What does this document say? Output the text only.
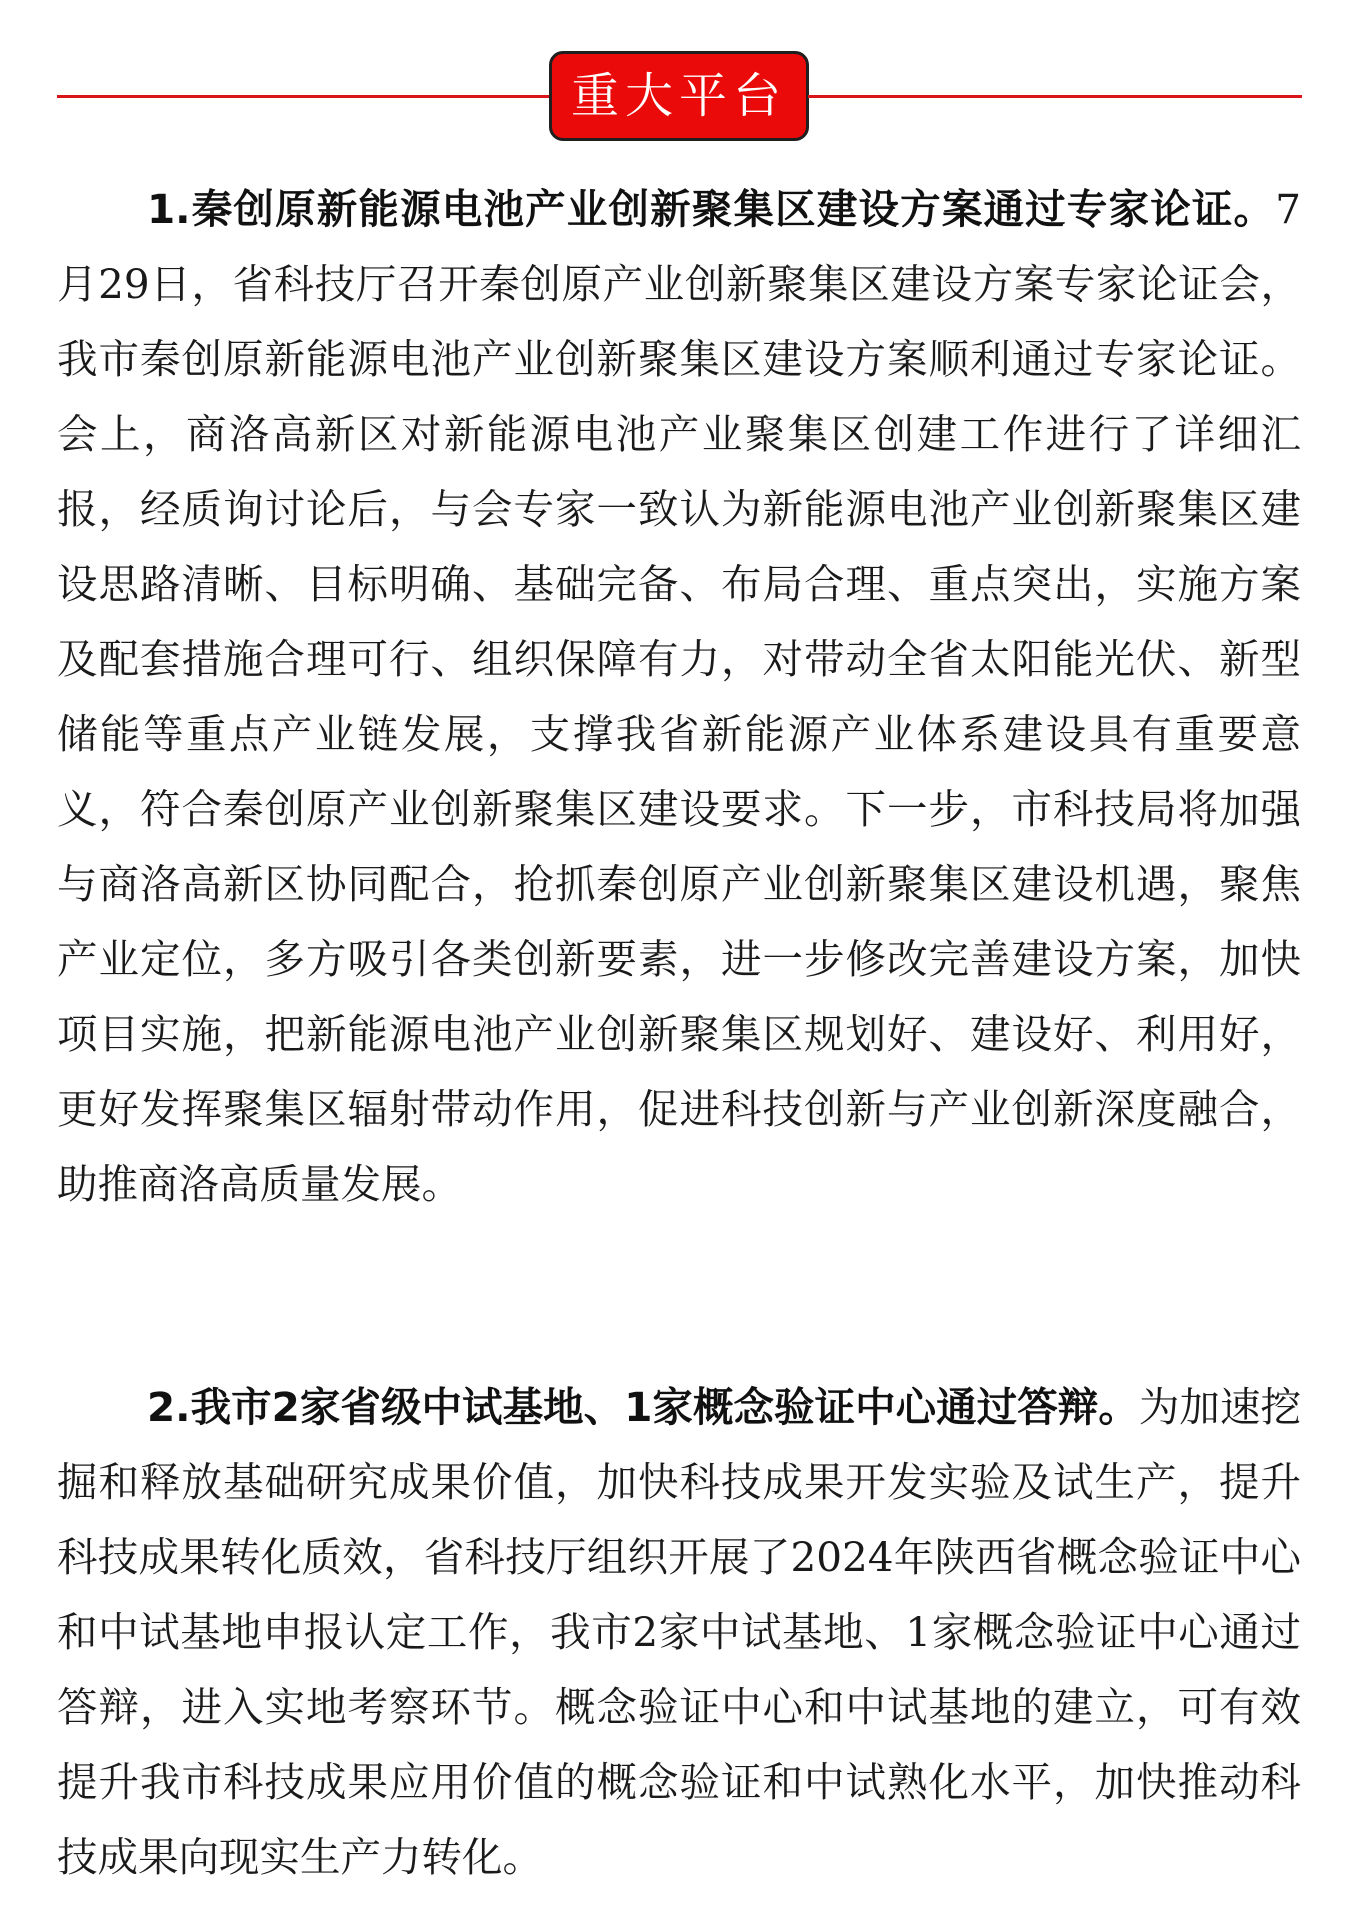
重大平台

1.秦创原新能源电池产业创新聚集区建设方案通过专家论证。7月29日，省科技厅召开秦创原产业创新聚集区建设方案专家论证会，我市秦创原新能源电池产业创新聚集区建设方案顺利通过专家论证。会上，商洛高新区对新能源电池产业聚集区创建工作进行了详细汇报，经质询讨论后，与会专家一致认为新能源电池产业创新聚集区建设思路清晰、目标明确、基础完备、布局合理、重点突出，实施方案及配套措施合理可行、组织保障有力，对带动全省太阳能光伏、新型储能等重点产业链发展，支撑我省新能源产业体系建设具有重要意义，符合秦创原产业创新聚集区建设要求。下一步，市科技局将加强与商洛高新区协同配合，抢抓秦创原产业创新聚集区建设机遇，聚焦产业定位，多方吸引各类创新要素，进一步修改完善建设方案，加快项目实施，把新能源电池产业创新聚集区规划好、建设好、利用好，更好发挥聚集区辐射带动作用，促进科技创新与产业创新深度融合，助推商洛高质量发展。

2.我市2家省级中试基地、1家概念验证中心通过答辩。为加速挖掘和释放基础研究成果价值，加快科技成果开发实验及试生产，提升科技成果转化质效，省科技厅组织开展了2024年陕西省概念验证中心和中试基地申报认定工作，我市2家中试基地、1家概念验证中心通过答辩，进入实地考察环节。概念验证中心和中试基地的建立，可有效提升我市科技成果应用价值的概念验证和中试熟化水平，加快推动科技成果向现实生产力转化。
